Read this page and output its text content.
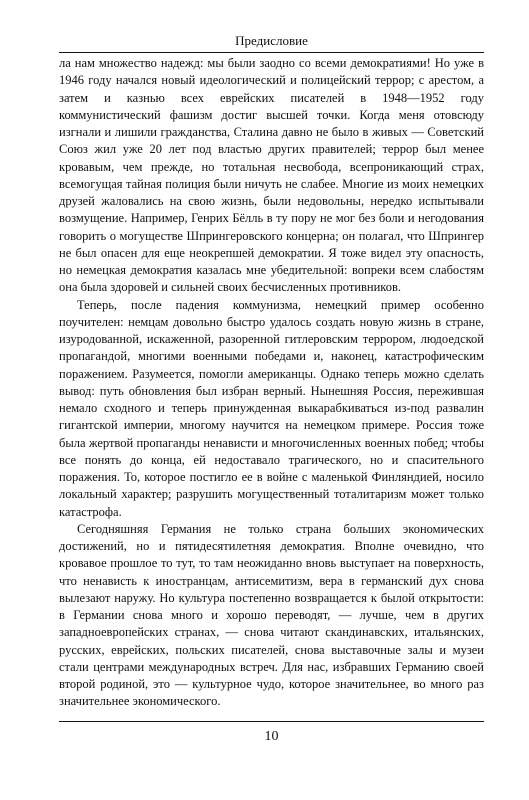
Предисловие

ла нам множество надежд: мы были заодно со всеми демократиями! Но уже в 1946 году начался новый идеологический и полицейский террор; с арестом, а затем и казнью всех еврейских писателей в 1948—1952 году коммунистический фашизм достиг высшей точки. Когда меня отовсюду изгнали и лишили гражданства, Сталина давно не было в живых — Советский Союз жил уже 20 лет под властью других правителей; террор был менее кровавым, чем прежде, но тотальная несвобода, всепроникающий страх, всемогущая тайная полиция были ничуть не слабее. Многие из моих немецких друзей жаловались на свою жизнь, были недовольны, нередко испытывали возмущение. Например, Генрих Бёлль в ту пору не мог без боли и негодования говорить о могуществе Шпрингеровского концерна; он полагал, что Шпрингер не был опасен для еще неокрепшей демократии. Я тоже видел эту опасность, но немецкая демократия казалась мне убедительной: вопреки всем слабостям она была здоровей и сильней своих бесчисленных противников.

Теперь, после падения коммунизма, немецкий пример особенно поучителен: немцам довольно быстро удалось создать новую жизнь в стране, изуродованной, искаженной, разоренной гитлеровским террором, людоедской пропагандой, многими военными победами и, наконец, катастрофическим поражением. Разумеется, помогли американцы. Однако теперь можно сделать вывод: путь обновления был избран верный. Нынешняя Россия, пережившая немало сходного и теперь принужденная выкарабкиваться из-под развалин гигантской империи, многому научится на немецком примере. Россия тоже была жертвой пропаганды ненависти и многочисленных военных побед; чтобы все понять до конца, ей недоставало трагического, но и спасительного поражения. То, которое постигло ее в войне с маленькой Финляндией, носило локальный характер; разрушить могущественный тоталитаризм может только катастрофа.

Сегодняшняя Германия не только страна больших экономических достижений, но и пятидесятилетняя демократия. Вполне очевидно, что кровавое прошлое то тут, то там неожиданно вновь выступает на поверхность, что ненависть к иностранцам, антисемитизм, вера в германский дух снова вылезают наружу. Но культура постепенно возвращается к былой открытости: в Германии снова много и хорошо переводят, — лучше, чем в других западноевропейских странах, — снова читают скандинавских, итальянских, русских, еврейских, польских писателей, снова выставочные залы и музеи стали центрами международных встреч. Для нас, избравших Германию своей второй родиной, это — культурное чудо, которое значительнее, во много раз значительнее экономического.

10
